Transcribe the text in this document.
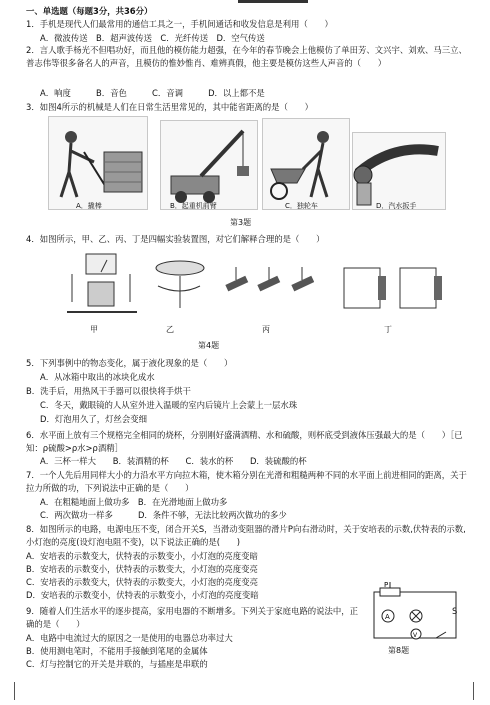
一、单选题（每题3分，共36分）
1．手机是现代人们最常用的通信工具之一，手机间通话和收发信息是利用（　　）
A．微波传送　B．超声波传送　C．光纤传送　D．空气传送
2．言人歌手杨光不但唱功好，而且他的模仿能力超强，在今年的春节晚会上他模仿了单田芳、文兴宇、刘欢、马三立、普志伟等很多备名人的声音，且模仿的惟妙惟肖、难辨真假，他主要是模仿这些人声音的（　　）
A．响度　　　B．音色　　　C．音调　　　D．以上都不是
3．如图4所示的机械是人们在日常生活里常见的，其中能省距离的是（　　）
A．撬棒	B．起重机前臂	C．独轮车	D．汽水扳手
第3题
4．如图所示，甲、乙、丙、丁是四幅实验装置图，对它们解释合理的是（　　）
甲	乙	丙	丁
第4题
5．下列事例中的物态变化，属于液化现象的是（　　）
A．从冰箱中取出的冰块化成水
B．洗手后，用热风干手器可以很快将手烘干
C．冬天，戴眼镜的人从室外进入温暖的室内后镜片上会蒙上一层水珠
D．灯泡用久了，灯丝会变细
6．水平面上放有三个规格完全相同的烧杯，分别刚好盛满酒精、水和硫酸，则杯底受到液体压强最大的是（　　）［已知：ρ硫酸>ρ水>ρ酒精］
A．三杯一样大　　B．装酒精的杯　　C．装水的杯　　D．装硫酸的杯
7．一个人先后用同样大小的力沿水平方向拉木箱，使木箱分别在光滑和粗糙两种不同的水平面上前进相同的距离，关于拉力所做的功，下列说法中正确的是（　　）
A．在粗糙地面上做功多　B．在光滑地面上做功多
C．两次做功一样多　　　D．条件不够，无法比较两次做功的多少
8．如图所示的电路，电源电压不变，闭合开关S，当滑动变阻器的滑片P向右滑动时，关于安培表的示数,伏特表的示数,小灯泡的亮度(设灯泡电阻不变)，以下说法正确的是(　　)
A．安培表的示数变大，伏特表的示数变小，小灯泡的亮度变暗
B．安培表的示数变小，伏特表的示数变大，小灯泡的亮度变亮
C．安培表的示数变大，伏特表的示数变大，小灯泡的亮度变亮
D．安培表的示数变小，伏特表的示数变小，小灯泡的亮度变暗
P
A
V
S
第8题
9．随着人们生活水平的逐步提高，家用电器的不断增多。下列关于家庭电路的说法中，正确的是（　　）
A．电路中电流过大的原因之一是使用的电器总功率过大
B．使用测电笔时，不能用手接触到笔尾的金属体
C．灯与控制它的开关是并联的，与插座是串联的
